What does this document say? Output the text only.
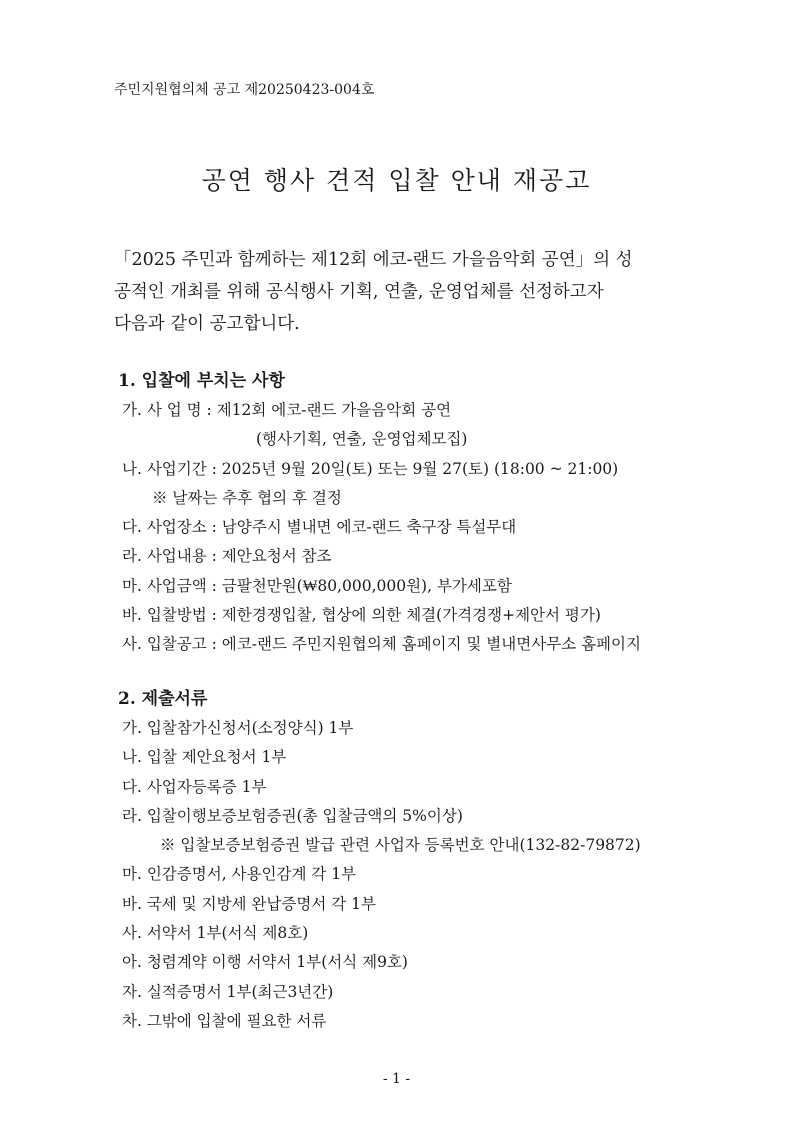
주민지원협의체 공고 제20250423-004호
공연 행사 견적 입찰 안내 재공고
「2025 주민과 함께하는 제12회 에코-랜드 가을음악회 공연」의 성
공적인 개최를 위해 공식행사 기획, 연출, 운영업체를 선정하고자
다음과 같이 공고합니다.
1. 입찰에 부치는 사항
가. 사 업 명 : 제12회 에코-랜드 가을음악회 공연
(행사기획, 연출, 운영업체모집)
나. 사업기간 : 2025년 9월 20일(토) 또는 9월 27(토) (18:00 ~ 21:00)
※ 날짜는 추후 협의 후 결정
다. 사업장소 : 남양주시 별내면 에코-랜드 축구장 특설무대
라. 사업내용 : 제안요청서 참조
마. 사업금액 : 금팔천만원(₩80,000,000원), 부가세포함
바. 입찰방법 : 제한경쟁입찰, 협상에 의한 체결(가격경쟁+제안서 평가)
사. 입찰공고 : 에코-랜드 주민지원협의체 홈페이지 및 별내면사무소 홈페이지
2. 제출서류
가. 입찰참가신청서(소정양식) 1부
나. 입찰 제안요청서 1부
다. 사업자등록증 1부
라. 입찰이행보증보험증권(총 입찰금액의 5%이상)
※ 입찰보증보험증권 발급 관련 사업자 등록번호 안내(132-82-79872)
마. 인감증명서, 사용인감계 각 1부
바. 국세 및 지방세 완납증명서 각 1부
사. 서약서 1부(서식 제8호)
아. 청렴계약 이행 서약서 1부(서식 제9호)
자. 실적증명서 1부(최근3년간)
차. 그밖에 입찰에 필요한 서류
- 1 -
